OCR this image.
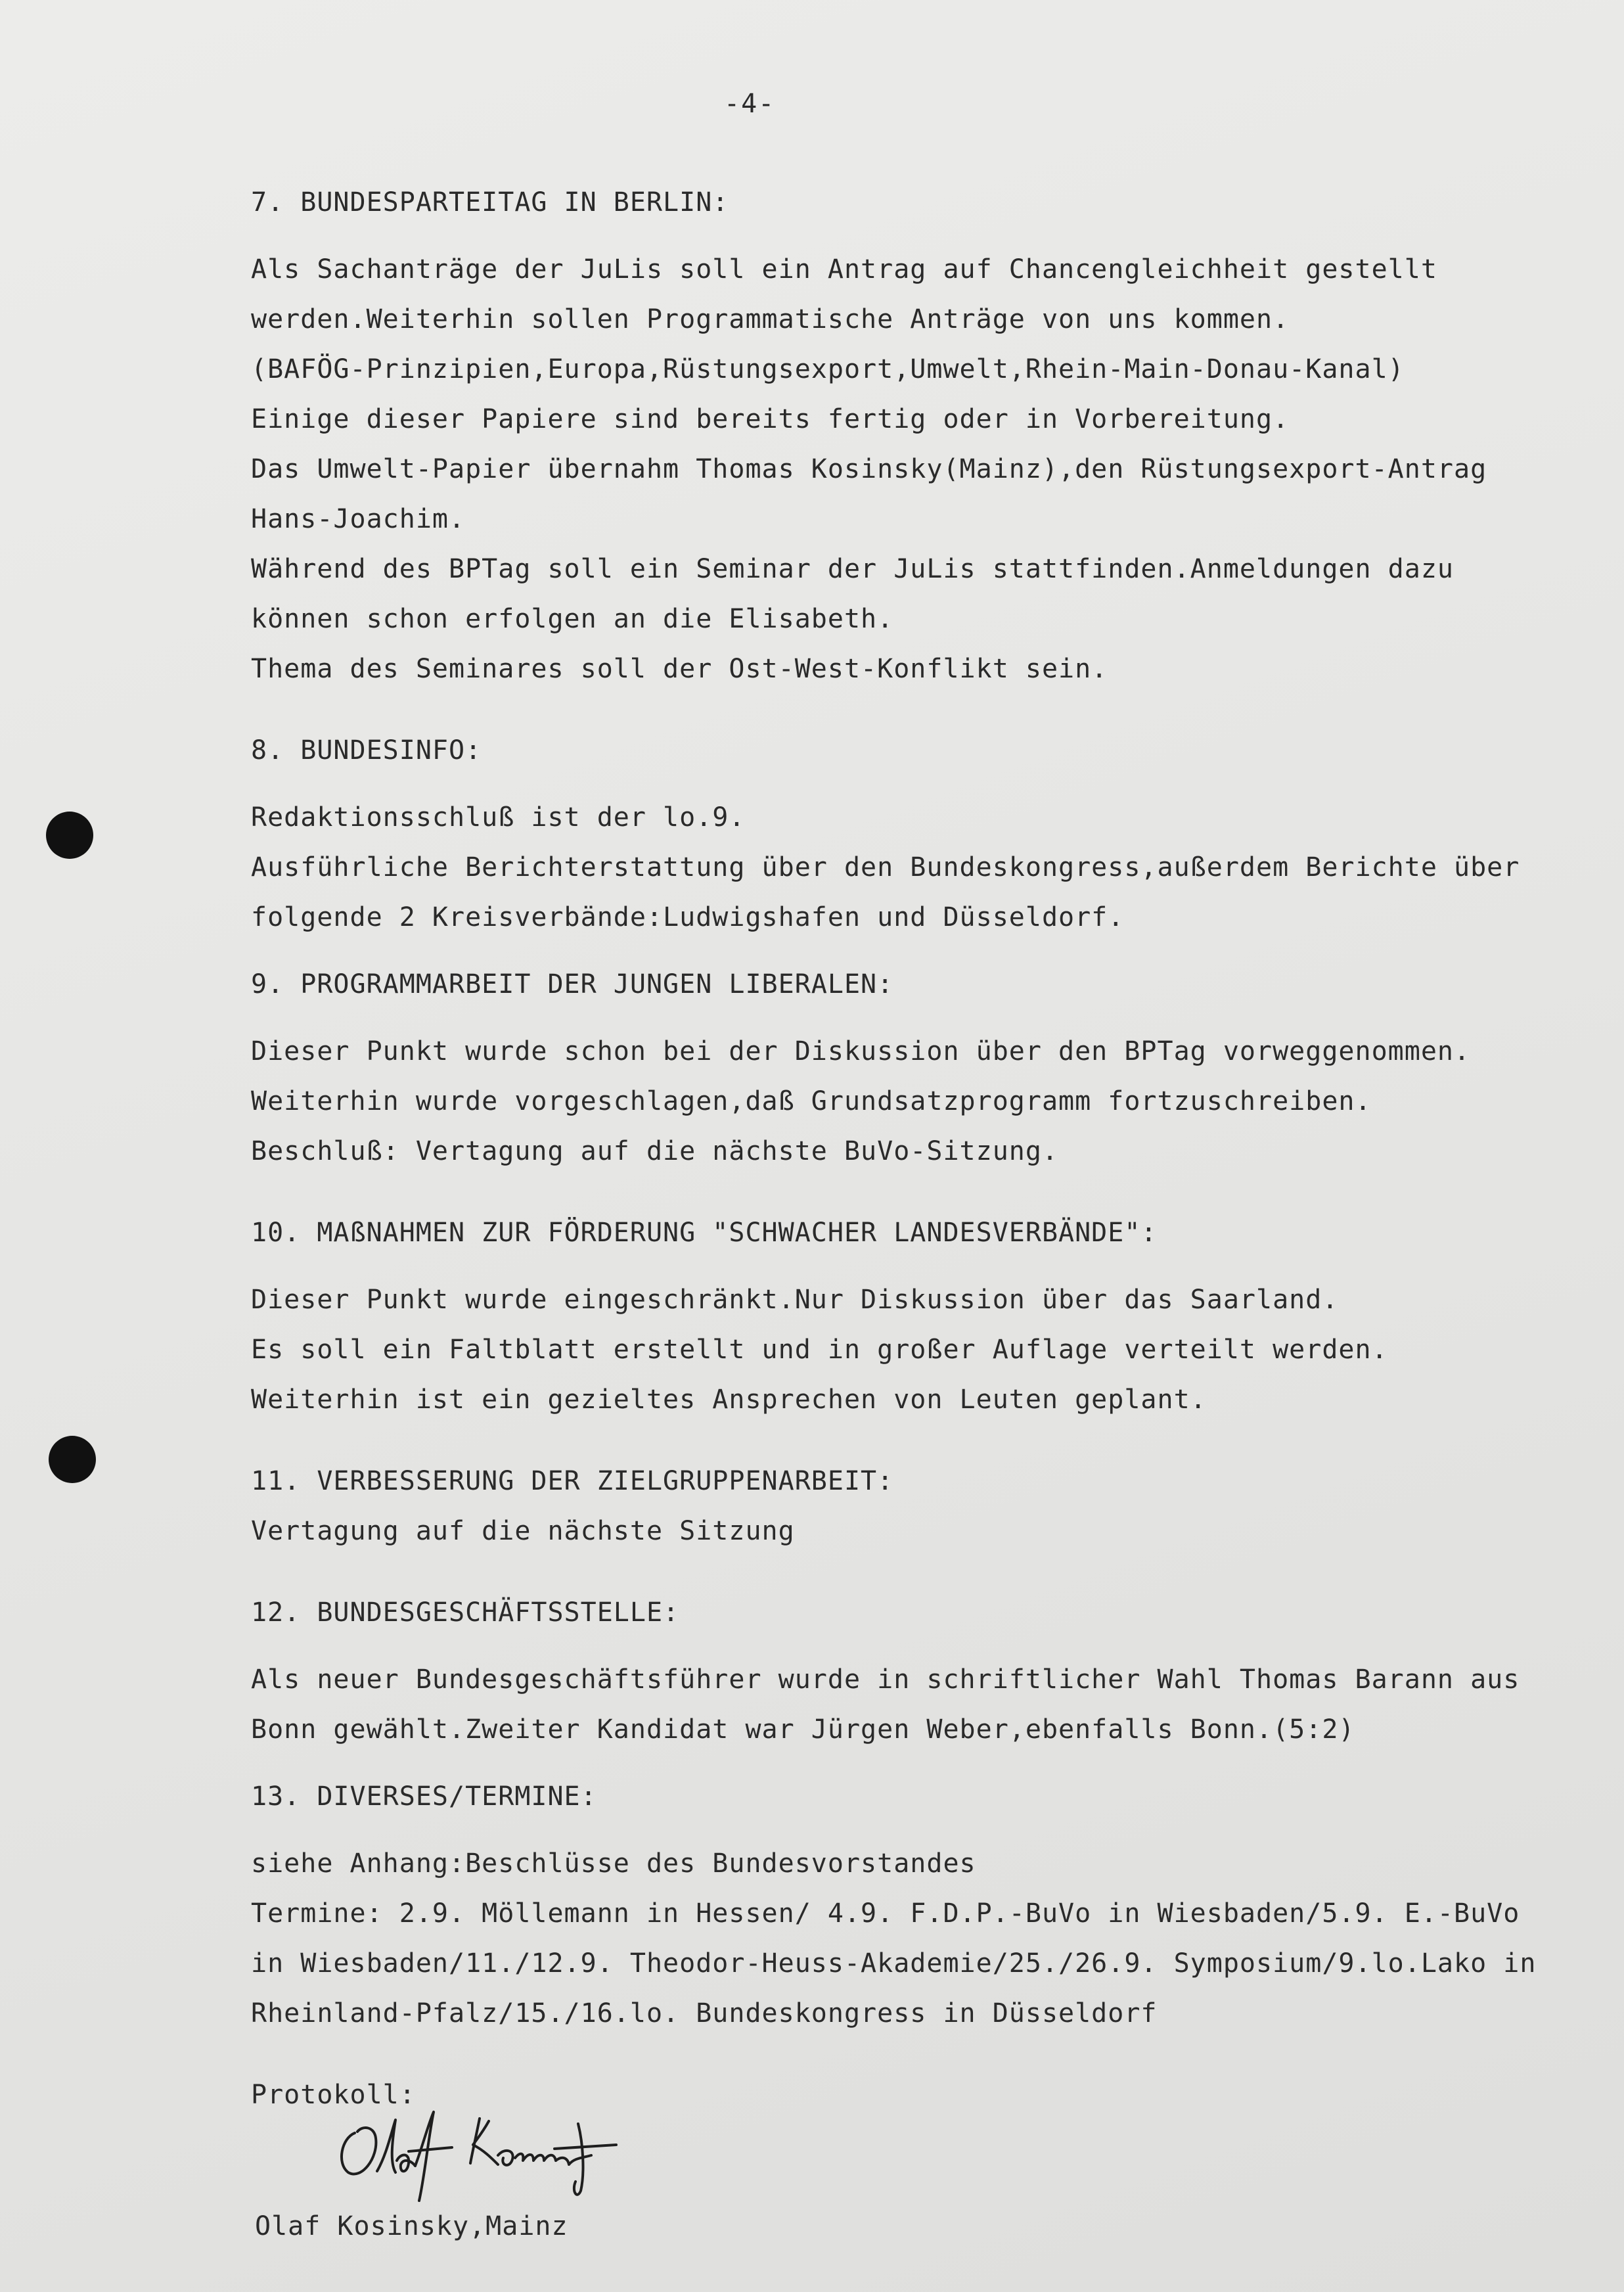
-4-

7. BUNDESPARTEITAG IN BERLIN:

Als Sachanträge der JuLis soll ein Antrag auf Chancengleichheit gestellt

werden.Weiterhin sollen Programmatische Anträge von uns kommen.

(BAFÖG-Prinzipien,Europa,Rüstungsexport,Umwelt,Rhein-Main-Donau-Kanal)

Einige dieser Papiere sind bereits fertig oder in Vorbereitung.

Das Umwelt-Papier übernahm Thomas Kosinsky(Mainz),den Rüstungsexport-Antrag

Hans-Joachim.

Während des BPTag soll ein Seminar der JuLis stattfinden.Anmeldungen dazu

können schon erfolgen an die Elisabeth.

Thema des Seminares soll der Ost-West-Konflikt sein.

8. BUNDESINFO:

Redaktionsschluß ist der lo.9.

Ausführliche Berichterstattung über den Bundeskongress,außerdem Berichte über

folgende 2 Kreisverbände:Ludwigshafen und Düsseldorf.

9. PROGRAMMARBEIT DER JUNGEN LIBERALEN:

Dieser Punkt wurde schon bei der Diskussion über den BPTag vorweggenommen.

Weiterhin wurde vorgeschlagen,daß Grundsatzprogramm fortzuschreiben.

Beschluß: Vertagung auf die nächste BuVo-Sitzung.

10. MAßNAHMEN ZUR FÖRDERUNG "SCHWACHER LANDESVERBÄNDE":

Dieser Punkt wurde eingeschränkt.Nur Diskussion über das Saarland.

Es soll ein Faltblatt erstellt und in großer Auflage verteilt werden.

Weiterhin ist ein gezieltes Ansprechen von Leuten geplant.

11. VERBESSERUNG DER ZIELGRUPPENARBEIT:

Vertagung auf die nächste Sitzung

12. BUNDESGESCHÄFTSSTELLE:

Als neuer Bundesgeschäftsführer wurde in schriftlicher Wahl Thomas Barann aus

Bonn gewählt.Zweiter Kandidat war Jürgen Weber,ebenfalls Bonn.(5:2)

13. DIVERSES/TERMINE:

siehe Anhang:Beschlüsse des Bundesvorstandes

Termine: 2.9. Möllemann in Hessen/ 4.9. F.D.P.-BuVo in Wiesbaden/5.9. E.-BuVo

in Wiesbaden/11./12.9. Theodor-Heuss-Akademie/25./26.9. Symposium/9.lo.Lako in

Rheinland-Pfalz/15./16.lo. Bundeskongress in Düsseldorf

Protokoll:
Olaf Kosinsky,Mainz
